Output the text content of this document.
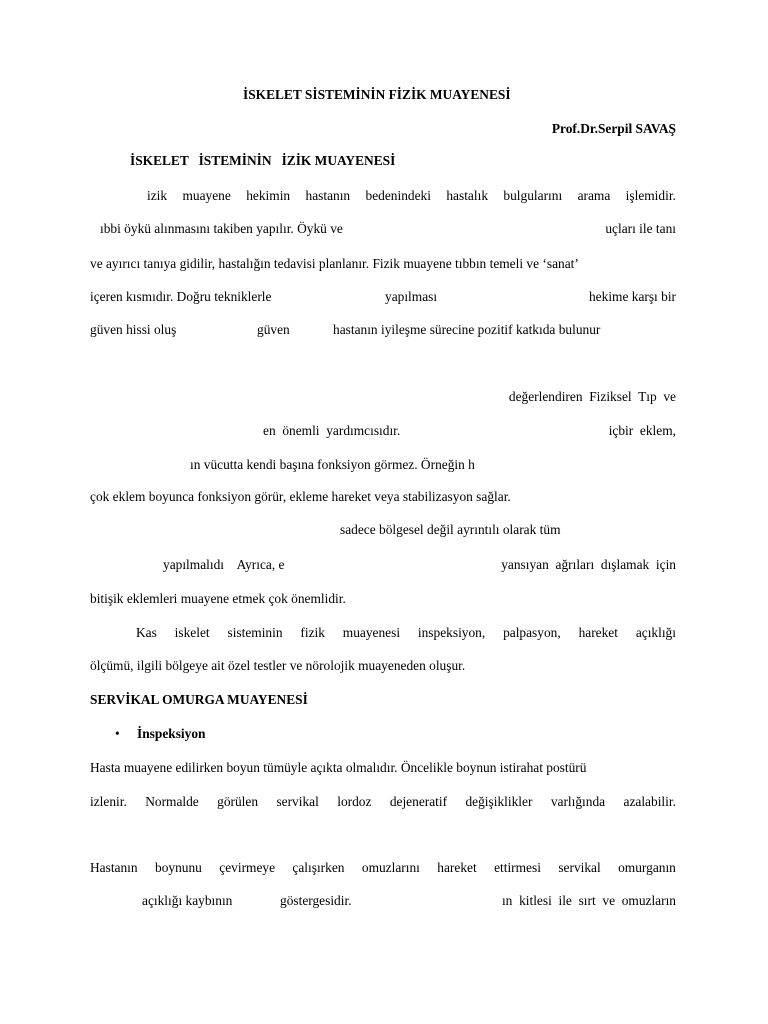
İSKELET SİSTEMİNİN FİZİK MUAYENESİ
Prof.Dr.Serpil SAVAŞ
İSKELET   İSTEMİNİN   İZİK MUAYENESİ
izik muayene hekimin hastanın bedenindeki hastalık bulgularını arama işlemidir.
ıbbi öykü alınmasını takiben yapılır. Öykü ve	uçları ile tanı
ve ayırıcı tanıya gidilir, hastalığın tedavisi planlanır. Fizik muayene tıbbın temeli ve ‘sanat’
içeren kısmıdır. Doğru tekniklerle	yapılması	hekime karşı bir
güven hissi oluş	güven	hastanın iyileşme sürecine pozitif katkıda bulunur
değerlendiren  Fiziksel  Tıp  ve
en  önemli  yardımcısıdır.	içbir  eklem,
ın vücutta kendi başına fonksiyon görmez. Örneğin h
çok eklem boyunca fonksiyon görür, ekleme hareket veya stabilizasyon sağlar.
sadece bölgesel değil ayrıntılı olarak tüm
yapılmalıdı    Ayrıca, e	yansıyan  ağrıları  dışlamak  için
bitişik eklemleri muayene etmek çok önemlidir.
Kas iskelet sisteminin fizik muayenesi inspeksiyon, palpasyon, hareket açıklığı
ölçümü, ilgili bölgeye ait özel testler ve nörolojik muayeneden oluşur.
SERVİKAL OMURGA MUAYENESİ
• İnspeksiyon
Hasta muayene edilirken boyun tümüyle açıkta olmalıdır. Öncelikle boynun istirahat postürü
izlenir. Normalde görülen servikal lordoz dejeneratif değişiklikler varlığında azalabilir.
Hastanın boynunu çevirmeye çalışırken omuzlarını hareket ettirmesi servikal omurganın
açıklığı kaybının	göstergesidir.	ın  kitlesi  ile  sırt  ve  omuzların
